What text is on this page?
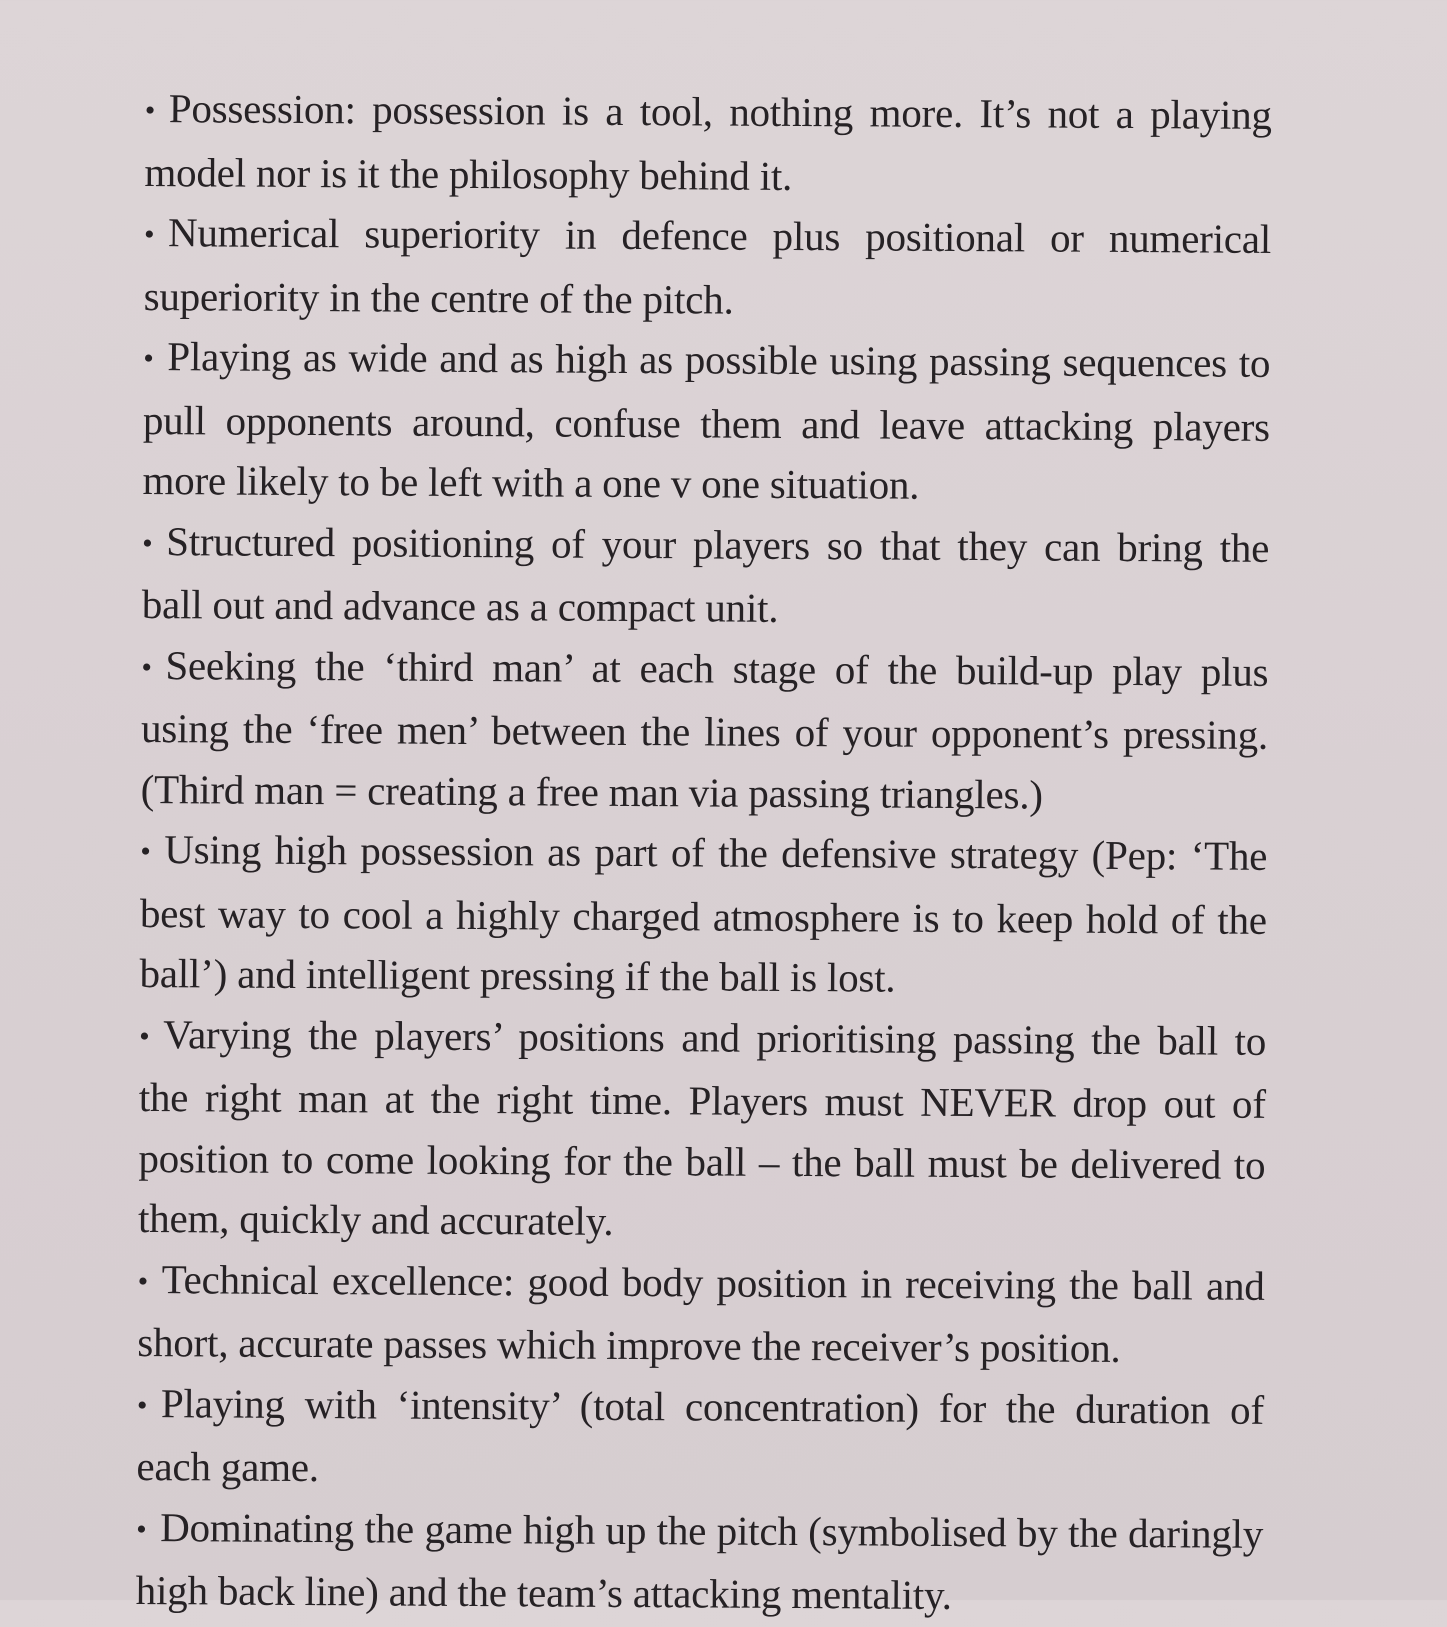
• Possession: possession is a tool, nothing more. It’s not a playing model nor is it the philosophy behind it.
• Numerical superiority in defence plus positional or numerical superiority in the centre of the pitch.
• Playing as wide and as high as possible using passing sequences to pull opponents around, confuse them and leave attacking players more likely to be left with a one v one situation.
• Structured positioning of your players so that they can bring the ball out and advance as a compact unit.
• Seeking the ‘third man’ at each stage of the build-up play plus using the ‘free men’ between the lines of your opponent’s pressing. (Third man = creating a free man via passing triangles.)
• Using high possession as part of the defensive strategy (Pep: ‘The best way to cool a highly charged atmosphere is to keep hold of the ball’) and intelligent pressing if the ball is lost.
• Varying the players’ positions and prioritising passing the ball to the right man at the right time. Players must NEVER drop out of position to come looking for the ball – the ball must be delivered to them, quickly and accurately.
• Technical excellence: good body position in receiving the ball and short, accurate passes which improve the receiver’s position.
• Playing with ‘intensity’ (total concentration) for the duration of each game.
• Dominating the game high up the pitch (symbolised by the daringly high back line) and the team’s attacking mentality.
